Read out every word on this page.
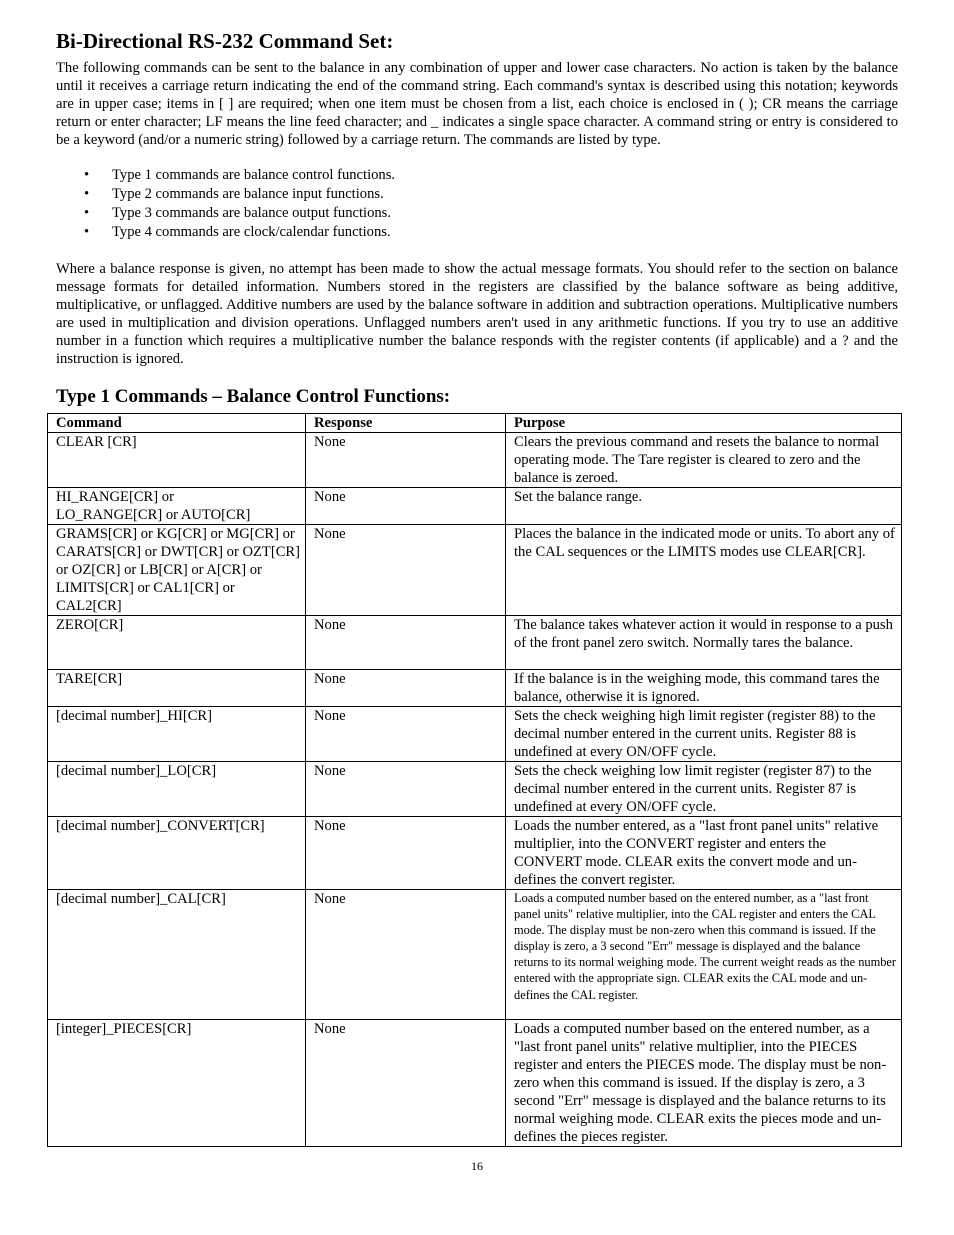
Bi-Directional RS-232 Command Set:

The following commands can be sent to the balance in any combination of upper and lower case characters. No action is taken by the balance until it receives a carriage return indicating the end of the command string. Each command's syntax is described using this notation; keywords are in upper case; items in [ ] are required; when one item must be chosen from a list, each choice is enclosed in ( ); CR means the carriage return or enter character; LF means the line feed character; and _ indicates a single space character. A command string or entry is considered to be a keyword (and/or a numeric string) followed by a carriage return. The commands are listed by type.

• Type 1 commands are balance control functions.
• Type 2 commands are balance input functions.
• Type 3 commands are balance output functions.
• Type 4 commands are clock/calendar functions.

Where a balance response is given, no attempt has been made to show the actual message formats. You should refer to the section on balance message formats for detailed information. Numbers stored in the registers are classified by the balance software as being additive, multiplicative, or unflagged. Additive numbers are used by the balance software in addition and subtraction operations. Multiplicative numbers are used in multiplication and division operations. Unflagged numbers aren't used in any arithmetic functions. If you try to use an additive number in a function which requires a multiplicative number the balance responds with the register contents (if applicable) and a ? and the instruction is ignored.

Type 1 Commands – Balance Control Functions:
Command	Response	Purpose
CLEAR [CR]	None	Clears the previous command and resets the balance to normal operating mode. The Tare register is cleared to zero and the balance is zeroed.
HI_RANGE[CR] or LO_RANGE[CR] or AUTO[CR]	None	Set the balance range.
GRAMS[CR] or KG[CR] or MG[CR] or CARATS[CR] or DWT[CR] or OZT[CR] or OZ[CR] or LB[CR] or A[CR] or LIMITS[CR] or CAL1[CR] or CAL2[CR]	None	Places the balance in the indicated mode or units. To abort any of the CAL sequences or the LIMITS modes use CLEAR[CR].
ZERO[CR]	None	The balance takes whatever action it would in response to a push of the front panel zero switch. Normally tares the balance.
TARE[CR]	None	If the balance is in the weighing mode, this command tares the balance, otherwise it is ignored.
[decimal number]_HI[CR]	None	Sets the check weighing high limit register (register 88) to the decimal number entered in the current units. Register 88 is undefined at every ON/OFF cycle.
[decimal number]_LO[CR]	None	Sets the check weighing low limit register (register 87) to the decimal number entered in the current units. Register 87 is undefined at every ON/OFF cycle.
[decimal number]_CONVERT[CR]	None	Loads the number entered, as a "last front panel units" relative multiplier, into the CONVERT register and enters the CONVERT mode. CLEAR exits the convert mode and un-defines the convert register.
[decimal number]_CAL[CR]	None	Loads a computed number based on the entered number, as a "last front panel units" relative multiplier, into the CAL register and enters the CAL mode. The display must be non-zero when this command is issued. If the display is zero, a 3 second "Err" message is displayed and the balance returns to its normal weighing mode. The current weight reads as the number entered with the appropriate sign. CLEAR exits the CAL mode and un-defines the CAL register.
[integer]_PIECES[CR]	None	Loads a computed number based on the entered number, as a "last front panel units" relative multiplier, into the PIECES register and enters the PIECES mode. The display must be non-zero when this command is issued. If the display is zero, a 3 second "Err" message is displayed and the balance returns to its normal weighing mode. CLEAR exits the pieces mode and un-defines the pieces register.
16
